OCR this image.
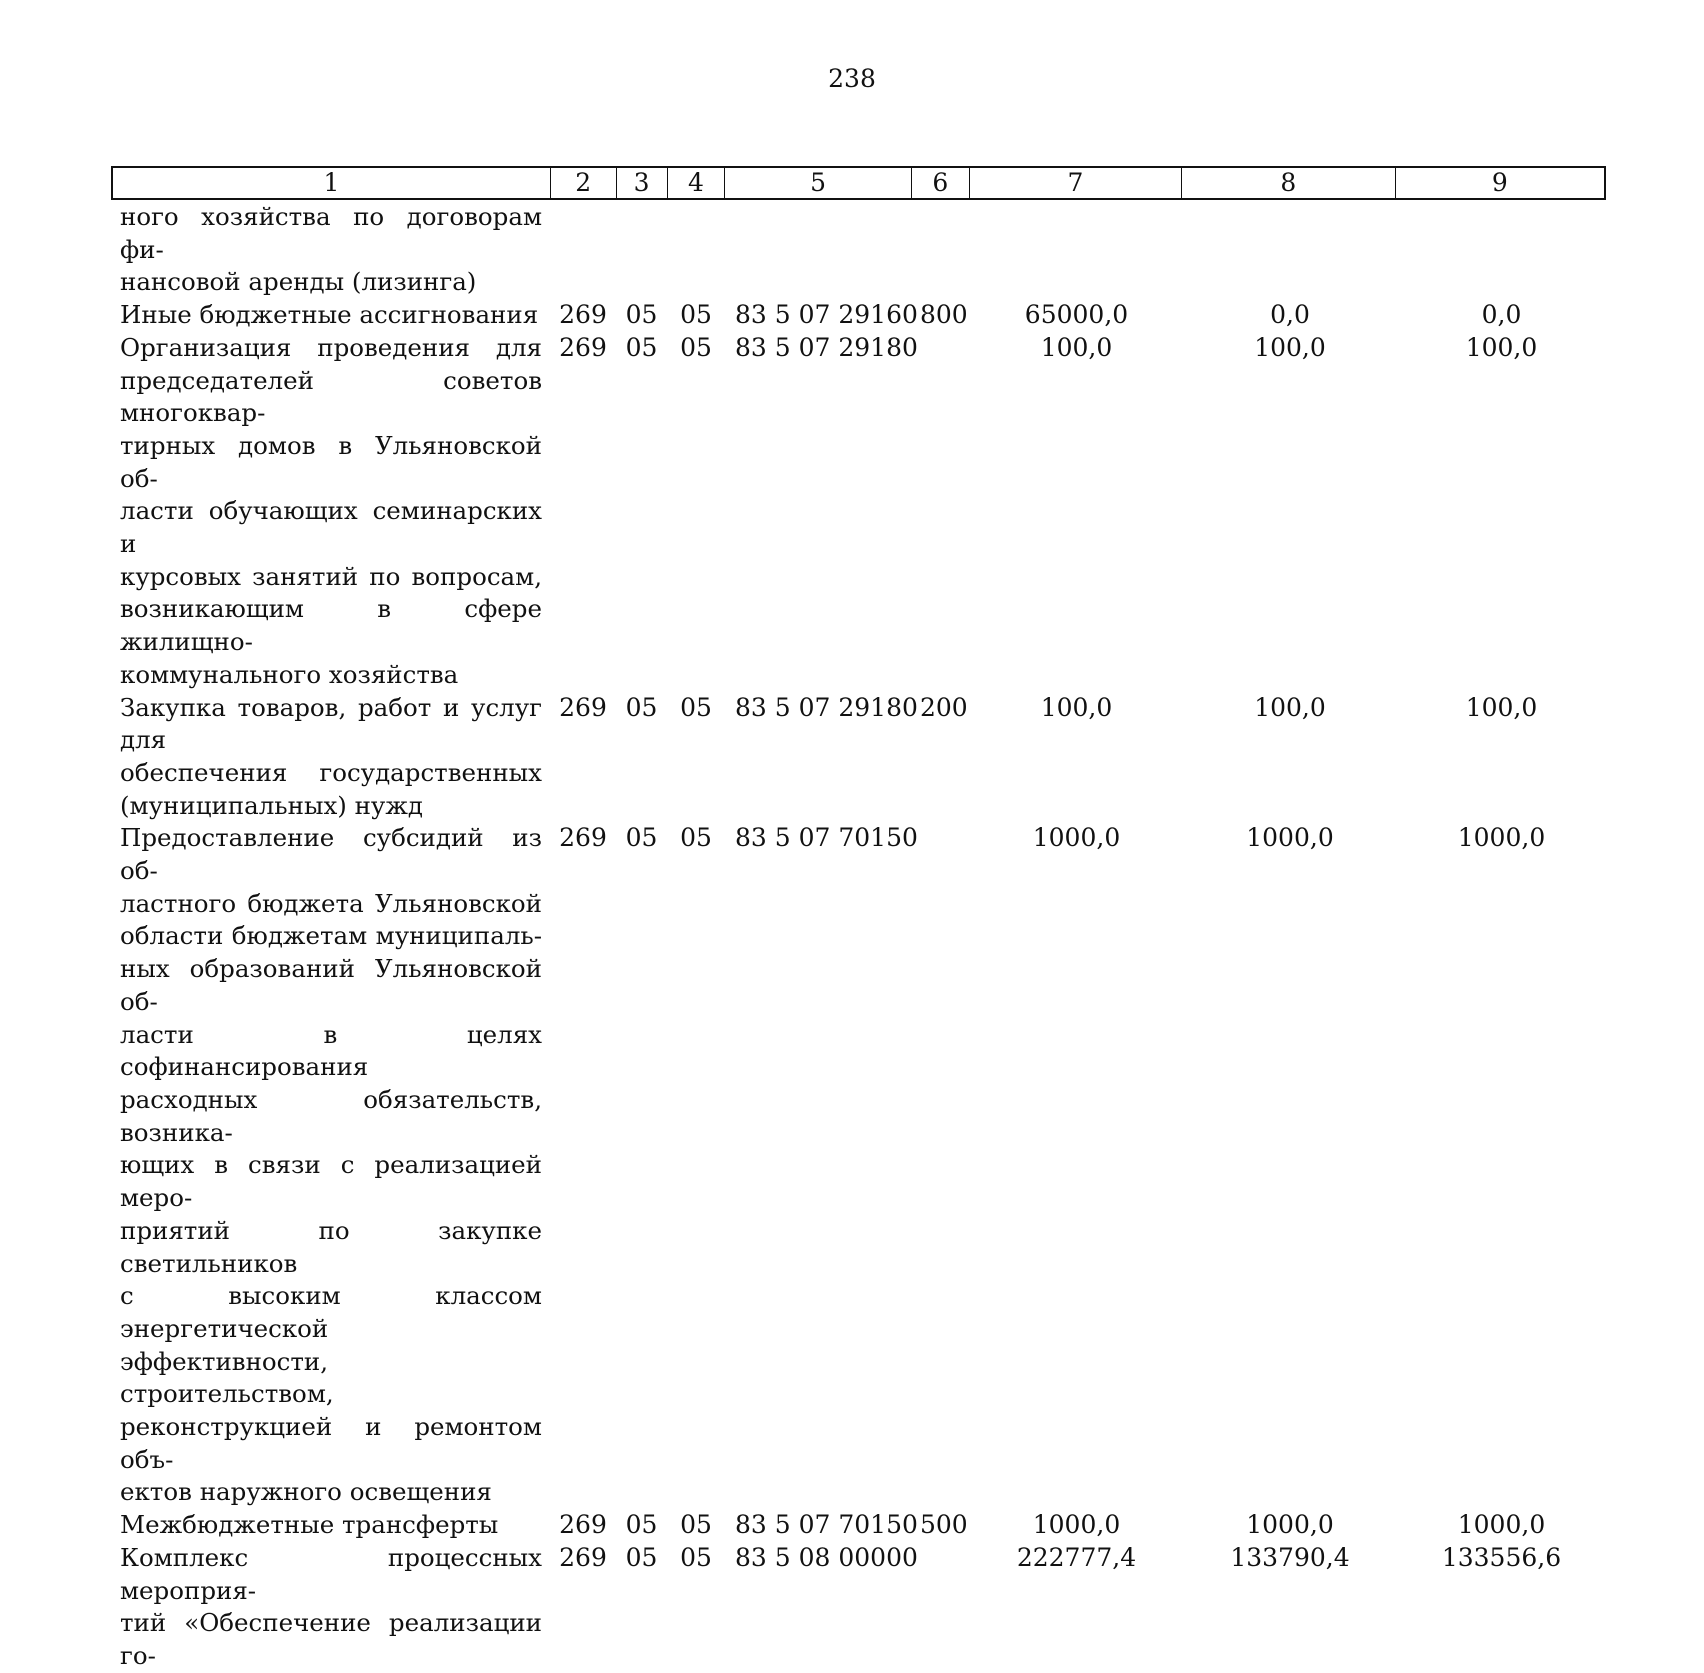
238
1	2	3	4	5	6	7	8	9
ного хозяйства по договорам фи-
нансовой аренды (лизинга)
Иные бюджетные ассигнования 269 05 05 83 5 07 29160 800	65000,0	0,0	0,0
Организация проведения для
председателей советов многоквар-
тирных домов в Ульяновской об-
ласти обучающих семинарских и
курсовых занятий по вопросам,
возникающим в сфере жилищно-
коммунального хозяйства
269 05 05 83 5 07 29180	100,0	100,0	100,0
Закупка товаров, работ и услуг для
обеспечения государственных
(муниципальных) нужд
269 05 05 83 5 07 29180 200	100,0	100,0	100,0
Предоставление субсидий из об-
ластного бюджета Ульяновской
области бюджетам муниципаль-
ных образований Ульяновской об-
ласти в целях софинансирования
расходных обязательств, возника-
ющих в связи с реализацией меро-
приятий по закупке светильников
с высоким классом энергетической
эффективности, строительством,
реконструкцией и ремонтом объ-
ектов наружного освещения
269 05 05 83 5 07 70150	1000,0	1000,0	1000,0
Межбюджетные трансферты	269 05 05 83 5 07 70150 500	1000,0	1000,0	1000,0
Комплекс процессных мероприя-
тий «Обеспечение реализации го-
269 05 05 83 5 08 00000	222777,4	133790,4	133556,6
